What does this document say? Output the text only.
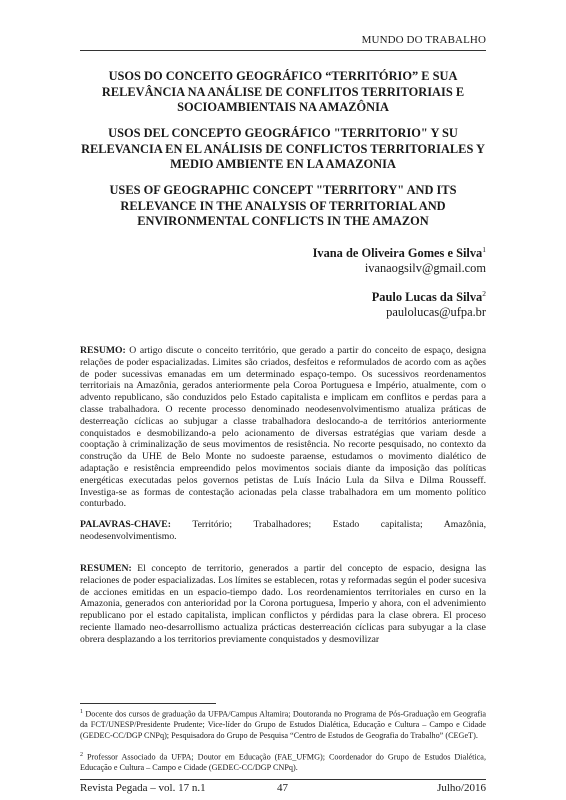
MUNDO DO TRABALHO
USOS DO CONCEITO GEOGRÁFICO “TERRITÓRIO” E SUA RELEVÂNCIA NA ANÁLISE DE CONFLITOS TERRITORIAIS E SOCIOAMBIENTAIS NA AMAZÔNIA
USOS DEL CONCEPTO GEOGRÁFICO "TERRITORIO" Y SU RELEVANCIA EN EL ANÁLISIS DE CONFLICTOS TERRITORIALES Y MEDIO AMBIENTE EN LA AMAZONIA
USES OF GEOGRAPHIC CONCEPT "TERRITORY" AND ITS RELEVANCE IN THE ANALYSIS OF TERRITORIAL AND ENVIRONMENTAL CONFLICTS IN THE AMAZON
Ivana de Oliveira Gomes e Silva$^1$
ivanaogsilv@gmail.com
Paulo Lucas da Silva$^2$
paulolucas@ufpa.br

RESUMO: O artigo discute o conceito território, que gerado a partir do conceito de espaço, designa relações de poder espacializadas. Limites são criados, desfeitos e reformulados de acordo com as ações de poder sucessivas emanadas em um determinado espaço-tempo. Os sucessivos reordenamentos territoriais na Amazônia, gerados anteriormente pela Coroa Portuguesa e Império, atualmente, com o advento republicano, são conduzidos pelo Estado capitalista e implicam em conflitos e perdas para a classe trabalhadora. O recente processo denominado neodesenvolvimentismo atualiza práticas de desterreação cíclicas ao subjugar a classe trabalhadora deslocando-a de territórios anteriormente conquistados e desmobilizando-a pelo acionamento de diversas estratégias que variam desde a cooptação à criminalização de seus movimentos de resistência. No recorte pesquisado, no contexto da construção da UHE de Belo Monte no sudoeste paraense, estudamos o movimento dialético de adaptação e resistência empreendido pelos movimentos sociais diante da imposição das políticas energéticas executadas pelos governos petistas de Luís Inácio Lula da Silva e Dilma Rousseff. Investiga-se as formas de contestação acionadas pela classe trabalhadora em um momento político conturbado.

PALAVRAS-CHAVE: Território; Trabalhadores; Estado capitalista; Amazônia, neodesenvolvimentismo.

RESUMEN: El concepto de territorio, generados a partir del concepto de espacio, designa las relaciones de poder espacializadas. Los límites se establecen, rotas y reformadas según el poder sucesiva de acciones emitidas en un espacio-tiempo dado. Los reordenamientos territoriales en curso en la Amazonia, generados con anterioridad por la Corona portuguesa, Imperio y ahora, con el advenimiento republicano por el estado capitalista, implican conflictos y pérdidas para la clase obrera. El proceso reciente llamado neo-desarrollismo actualiza prácticas desterreación cíclicas para subyugar a la clase obrera desplazando a los territorios previamente conquistados y desmovilizar

$^1$ Docente dos cursos de graduação da UFPA/Campus Altamira; Doutoranda no Programa de Pós-Graduação em Geografia da FCT/UNESP/Presidente Prudente; Vice-líder do Grupo de Estudos Dialética, Educação e Cultura – Campo e Cidade (GEDEC-CC/DGP CNPq); Pesquisadora do Grupo de Pesquisa “Centro de Estudos de Geografia do Trabalho” (CEGeT).

$^2$ Professor Associado da UFPA; Doutor em Educação (FAE_UFMG); Coordenador do Grupo de Estudos Dialética, Educação e Cultura – Campo e Cidade (GEDEC-CC/DGP CNPq).

Revista Pegada – vol. 17 n.1	47	Julho/2016
